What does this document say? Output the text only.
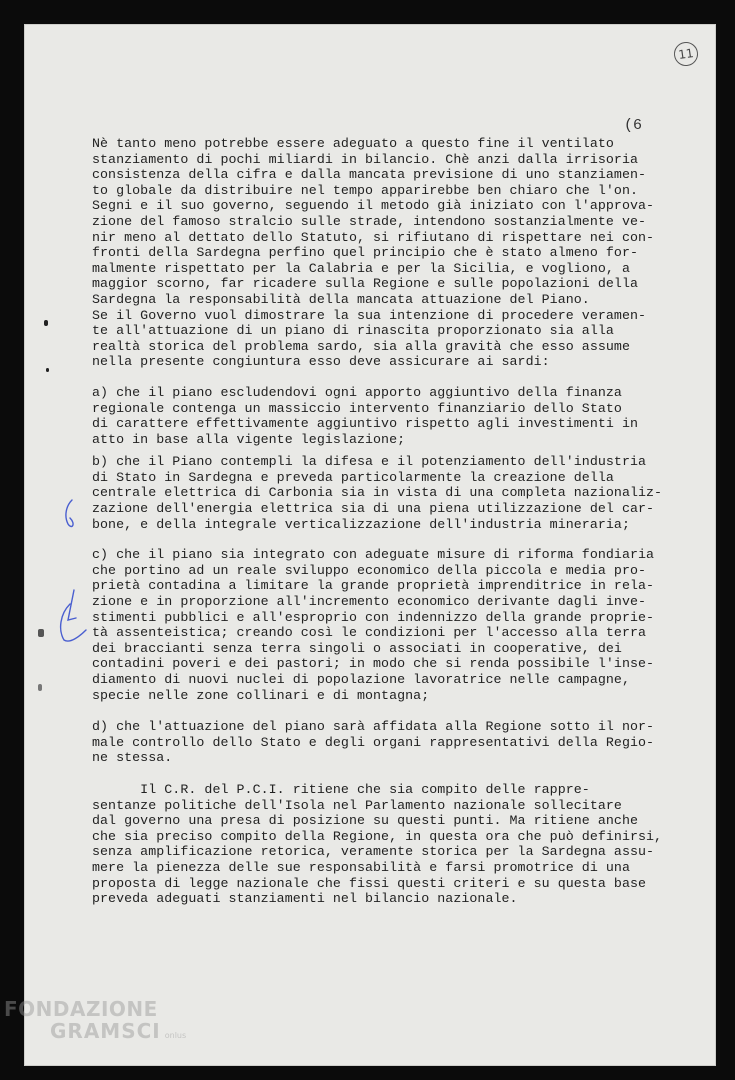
11
(6
Nè tanto meno potrebbe essere adeguato a questo fine il ventilato
stanziamento di pochi miliardi in bilancio. Chè anzi dalla irrisoria
consistenza della cifra e dalla mancata previsione di uno stanziamen-
to globale da distribuire nel tempo apparirebbe ben chiaro che l'on.
Segni e il suo governo, seguendo il metodo già iniziato con l'approva-
zione del famoso stralcio sulle strade, intendono sostanzialmente ve-
nir meno al dettato dello Statuto, si rifiutano di rispettare nei con-
fronti della Sardegna perfino quel principio che è stato almeno for-
malmente rispettato per la Calabria e per la Sicilia, e vogliono, a
maggior scorno, far ricadere sulla Regione e sulle popolazioni della
Sardegna la responsabilità della mancata attuazione del Piano.
Se il Governo vuol dimostrare la sua intenzione di procedere veramen-
te all'attuazione di un piano di rinascita proporzionato sia alla
realtà storica del problema sardo, sia alla gravità che esso assume
nella presente congiuntura esso deve assicurare ai sardi:
a) che il piano escludendovi ogni apporto aggiuntivo della finanza
regionale contenga un massiccio intervento finanziario dello Stato
di carattere effettivamente aggiuntivo rispetto agli investimenti in
atto in base alla vigente legislazione;
b) che il Piano contempli la difesa e il potenziamento dell'industria
di Stato in Sardegna e preveda particolarmente la creazione della
centrale elettrica di Carbonia sia in vista di una completa nazionaliz-
zazione dell'energia elettrica sia di una piena utilizzazione del car-
bone, e della integrale verticalizzazione dell'industria mineraria;
c) che il piano sia integrato con adeguate misure di riforma fondiaria
che portino ad un reale sviluppo economico della piccola e media pro-
prietà contadina a limitare la grande proprietà imprenditrice in rela-
zione e in proporzione all'incremento economico derivante dagli inve-
stimenti pubblici e all'esproprio con indennizzo della grande proprie-
tà assenteistica; creando così le condizioni per l'accesso alla terra
dei braccianti senza terra singoli o associati in cooperative, dei
contadini poveri e dei pastori; in modo che si renda possibile l'inse-
diamento di nuovi nuclei di popolazione lavoratrice nelle campagne,
specie nelle zone collinari e di montagna;
d) che l'attuazione del piano sarà affidata alla Regione sotto il nor-
male controllo dello Stato e degli organi rappresentativi della Regio-
ne stessa.
Il C.R. del P.C.I. ritiene che sia compito delle rappre-
sentanze politiche dell'Isola nel Parlamento nazionale sollecitare
dal governo una presa di posizione su questi punti. Ma ritiene anche
che sia preciso compito della Regione, in questa ora che può definirsi,
senza amplificazione retorica, veramente storica per la Sardegna assu-
mere la pienezza delle sue responsabilità e farsi promotrice di una
proposta di legge nazionale che fissi questi criteri e su questa base
preveda adeguati stanziamenti nel bilancio nazionale.
FONDAZIONE
GRAMSCI onlus
